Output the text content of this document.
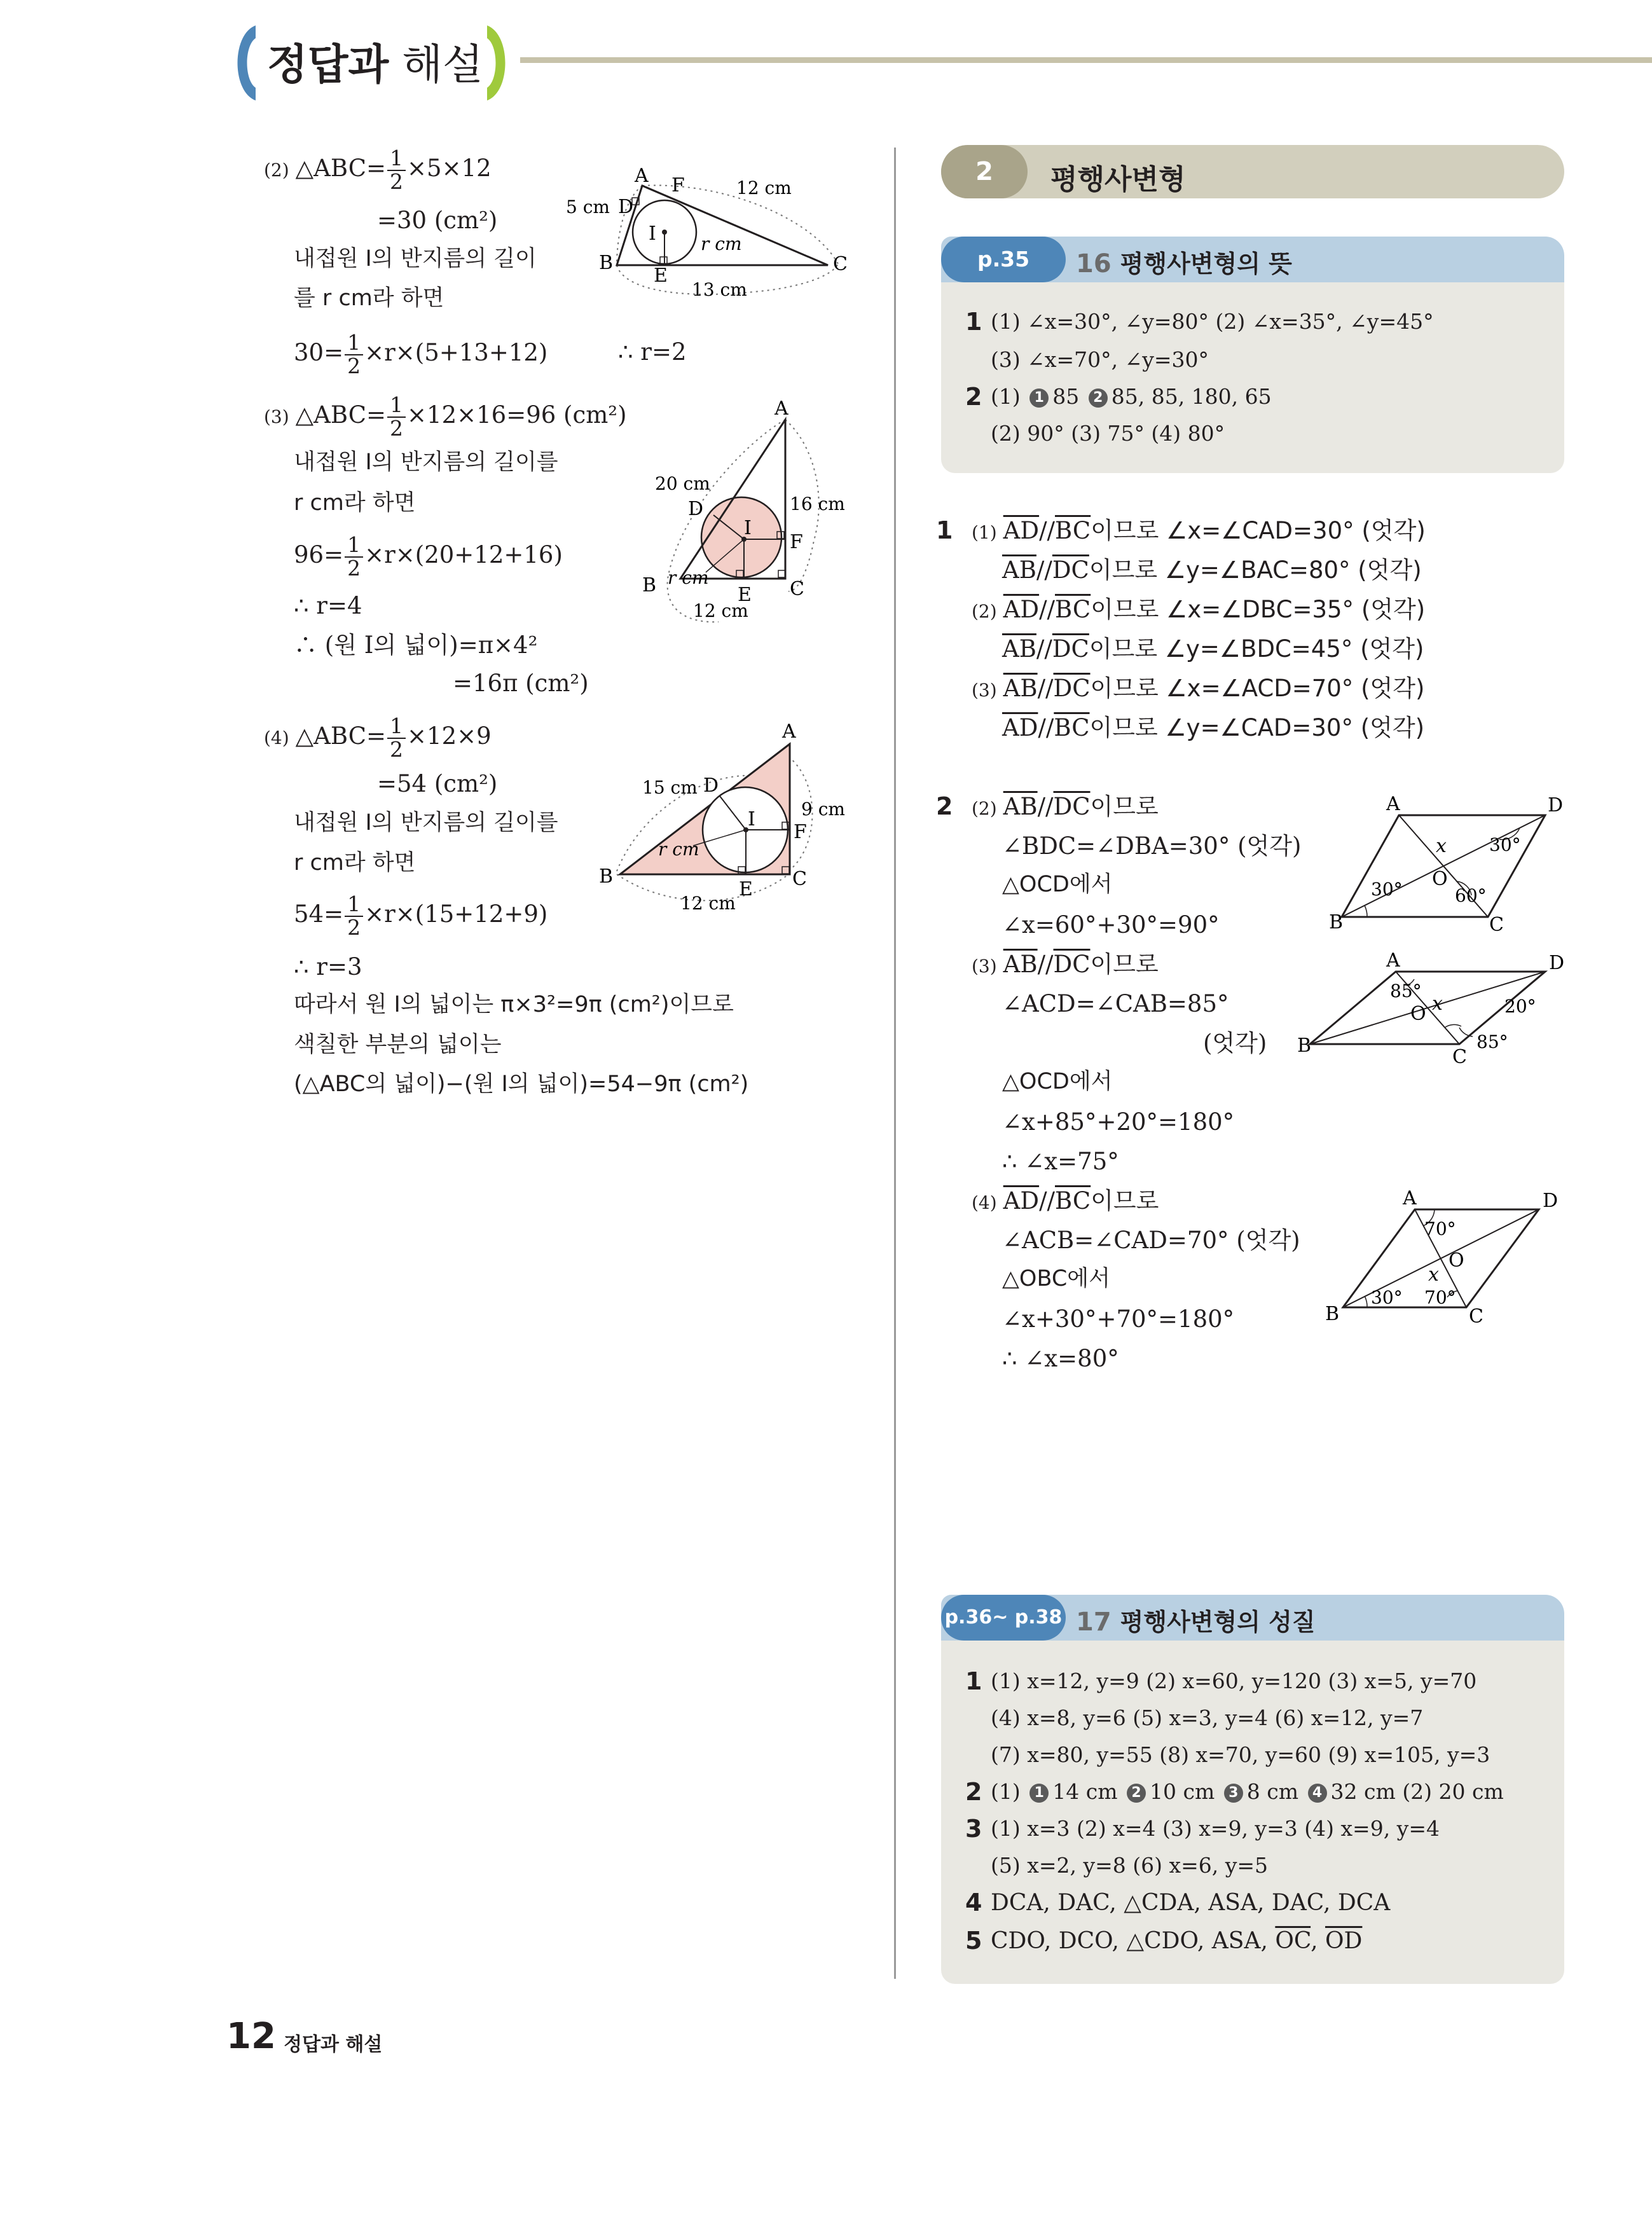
정답과 해설
(2) △ABC= $\frac{1}{2} \times 5\times 12$
=30 (cm²)
내접원 I의 반지름의 길이
를 r cm라 하면
$30= \frac{1}{2} \times r\times(5+13+12)$	∴ r=2
A F
D
I
B
E
C
12 cm
5 cm
13 cm
r cm
(3) △ABC= $\frac{1}{2} \times 12\times 16=96$ (cm²)
내접원 I의 반지름의 길이를
r cm라 하면
$96= \frac{1}{2} \times r\times(20+12+16)$
∴ r=4
∴ (원 I의 넓이)=π×4²
=16π (cm²)
A
D
I
F
B	E C
20 cm
16 cm
12 cm
r cm
(4) △ABC= $\frac{1}{2} \times 12\times 9$
=54 (cm²)
내접원 I의 반지름의 길이를
r cm라 하면
$54= \frac{1}{2} \times r\times(15+12+9)$
∴ r=3
따라서 원 I의 넓이는 π×3²=9π (cm²)이므로
색칠한 부분의 넓이는
(△ABC의 넓이)−(원 I의 넓이)=54−9π (cm²)
A
D
I
F
B
E C
15 cm
9 cm
12 cm
r cm
2	평행사변형
p.35	16 평행사변형의 뜻
1 (1) ∠x=30°, ∠y=80° (2) ∠x=35°, ∠y=45°
(3) ∠x=70°, ∠y=30°
2 (1) 1 85 2 85, 85, 180, 65
(2) 90° (3) 75° (4) 80°
1 (1) $\overline{AD}//\overline{BC}$이므로 ∠x=∠CAD=30° (엇각)
$\overline{AB}//\overline{DC}$이므로 ∠y=∠BAC=80° (엇각)
(2) $\overline{AD}//\overline{BC}$이므로 ∠x=∠DBC=35° (엇각)
$\overline{AB}//\overline{DC}$이므로 ∠y=∠BDC=45° (엇각)
(3) $\overline{AB}//\overline{DC}$이므로 ∠x=∠ACD=70° (엇각)
$\overline{AD}//\overline{BC}$이므로 ∠y=∠CAD=30° (엇각)
2 (2) $\overline{AB}//\overline{DC}$이므로
∠BDC=∠DBA=30° (엇각)
△OCD에서
∠x=60°+30°=90°
(3) $\overline{AB}//\overline{DC}$이므로
∠ACD=∠CAB=85°
(엇각)
△OCD에서
∠x+85°+20°=180°
∴ ∠x=75°
(4) $\overline{AD}//\overline{BC}$이므로
∠ACB=∠CAD=70° (엇각)
△OBC에서
∠x+30°+70°=180°
∴ ∠x=80°
A	D
B	C
O
x 30°
30°	60°
A	D
B
C
O x
85°
20°
85°
A	D
B	C
O
x
70°
30° 70°
p.36~ p.38 17 평행사변형의 성질
1 (1) x=12, y=9 (2) x=60, y=120 (3) x=5, y=70
(4) x=8, y=6 (5) x=3, y=4 (6) x=12, y=7
(7) x=80, y=55 (8) x=70, y=60 (9) x=105, y=3
2 (1) 1 14 cm 2 10 cm 3 8 cm 4 32 cm (2) 20 cm
3 (1) x=3 (2) x=4 (3) x=9, y=3 (4) x=9, y=4
(5) x=2, y=8 (6) x=6, y=5
4 DCA, DAC, △CDA, ASA, DAC, DCA
5 CDO, DCO, △CDO, ASA, $\overline{OC}$, $\overline{OD}$
12 정답과 해설
